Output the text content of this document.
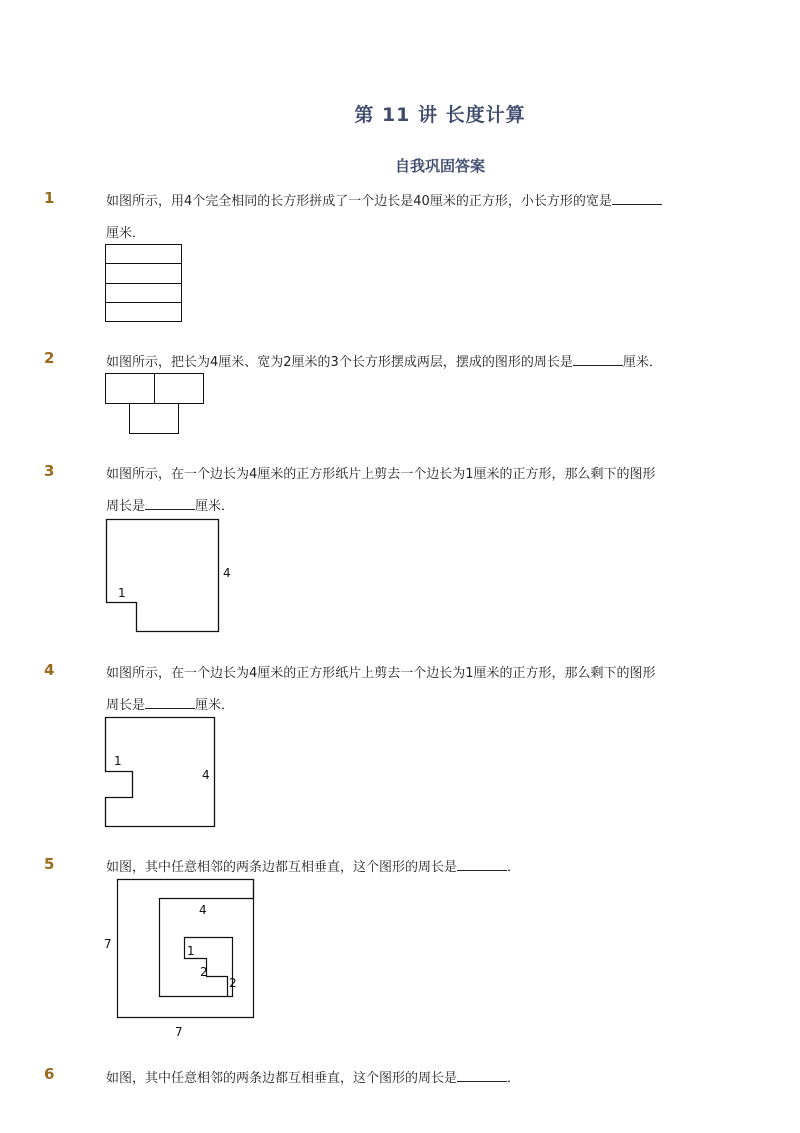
第 11 讲 长度计算
自我巩固答案
1	如图所示，用4个完全相同的长方形拼成了一个边长是40厘米的正方形，小长方形的宽是
厘米．
2	如图所示，把长为4厘米、宽为2厘米的3个长方形摆成两层，摆成的图形的周长是	厘米．
3	如图所示，在一个边长为4厘米的正方形纸片上剪去一个边长为1厘米的正方形，那么剩下的图形
周长是	厘米．
4
1
4	如图所示，在一个边长为4厘米的正方形纸片上剪去一个边长为1厘米的正方形，那么剩下的图形
周长是	厘米．
4
1
5	如图，其中任意相邻的两条边都互相垂直，这个图形的周长是	．
7
7
4
1
2
2
6	如图，其中任意相邻的两条边都互相垂直，这个图形的周长是	．
